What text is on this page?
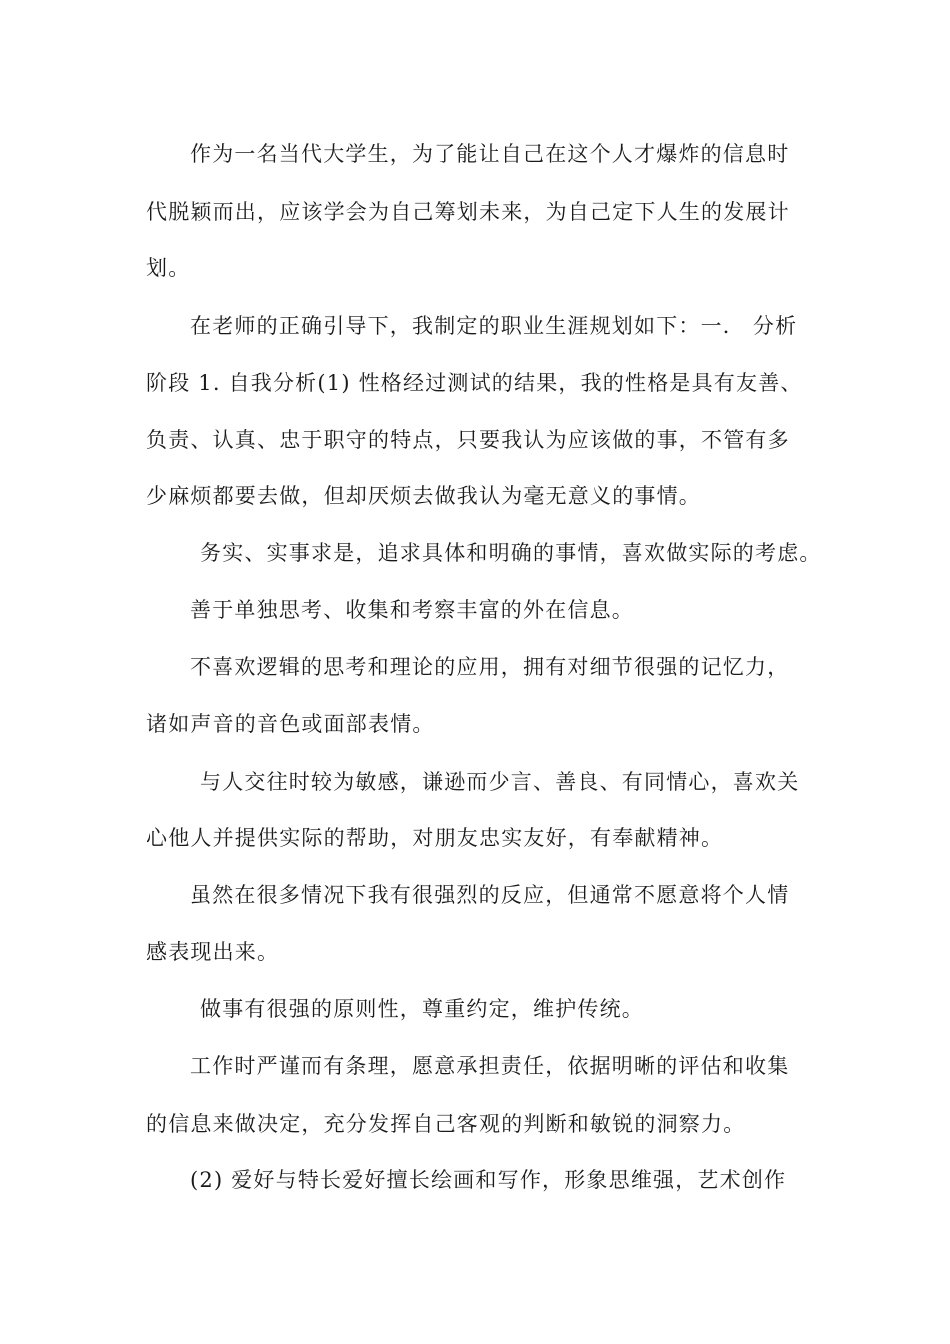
作为一名当代大学生，为了能让自己在这个人才爆炸的信息时
代脱颖而出，应该学会为自己筹划未来，为自己定下人生的发展计
划。
在老师的正确引导下，我制定的职业生涯规划如下：一． 分析
阶段 1. 自我分析(1) 性格经过测试的结果，我的性格是具有友善、
负责、认真、忠于职守的特点，只要我认为应该做的事，不管有多
少麻烦都要去做，但却厌烦去做我认为毫无意义的事情。
务实、实事求是，追求具体和明确的事情，喜欢做实际的考虑。
善于单独思考、收集和考察丰富的外在信息。
不喜欢逻辑的思考和理论的应用，拥有对细节很强的记忆力，
诸如声音的音色或面部表情。
与人交往时较为敏感，谦逊而少言、善良、有同情心，喜欢关
心他人并提供实际的帮助，对朋友忠实友好，有奉献精神。
虽然在很多情况下我有很强烈的反应，但通常不愿意将个人情
感表现出来。
做事有很强的原则性，尊重约定，维护传统。
工作时严谨而有条理，愿意承担责任，依据明晰的评估和收集
的信息来做决定，充分发挥自己客观的判断和敏锐的洞察力。
(2) 爱好与特长爱好擅长绘画和写作，形象思维强，艺术创作
